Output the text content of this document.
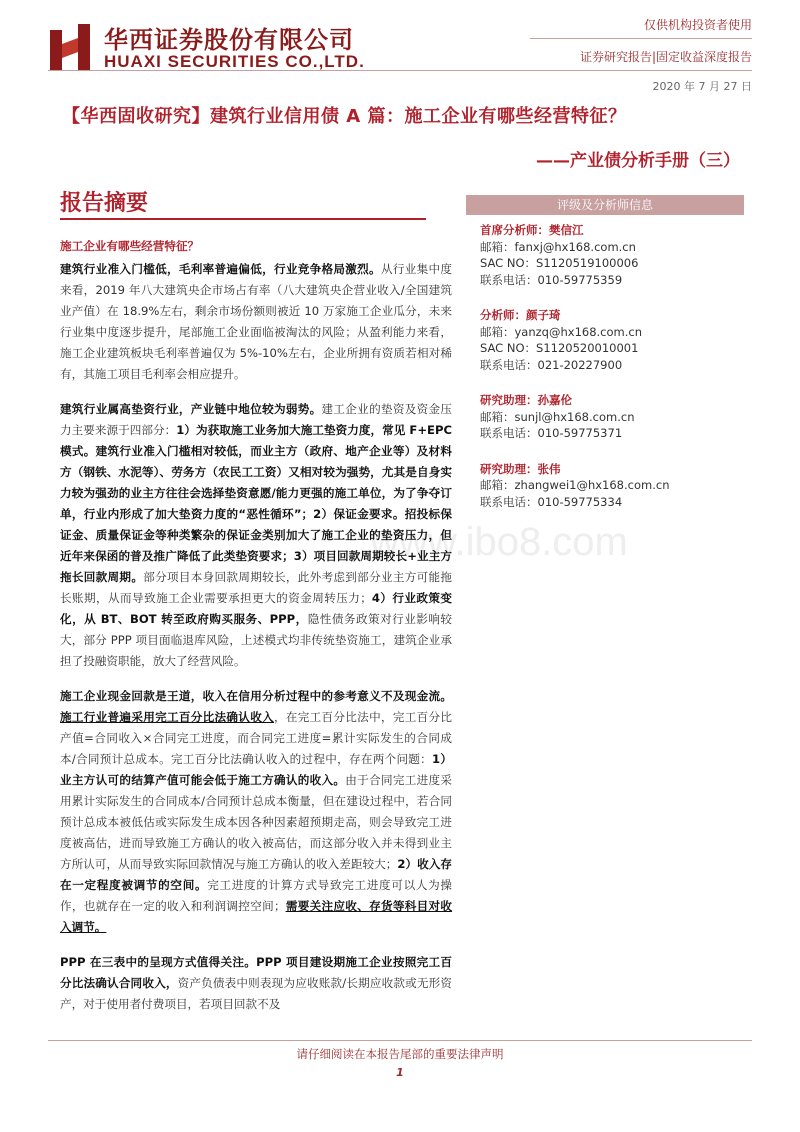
华西证券股份有限公司
HUAXI SECURITIES CO.,LTD.
仅供机构投资者使用
证券研究报告|固定收益深度报告
2020 年 7 月 27 日
【华西固收研究】建筑行业信用债 A 篇：施工企业有哪些经营特征？
——产业债分析手册（三）
报告摘要
www.ibo8.com
施工企业有哪些经营特征？

建筑行业准入门槛低，毛利率普遍偏低，行业竞争格局激烈。从行业集中度来看，2019 年八大建筑央企市场占有率（八大建筑央企营业收入/全国建筑业产值）在 18.9%左右，剩余市场份额则被近 10 万家施工企业瓜分，未来行业集中度逐步提升，尾部施工企业面临被淘汰的风险；从盈利能力来看，施工企业建筑板块毛利率普遍仅为 5%-10%左右，企业所拥有资质若相对稀有，其施工项目毛利率会相应提升。

建筑行业属高垫资行业，产业链中地位较为弱势。建工企业的垫资及资金压力主要来源于四部分：1）为获取施工业务加大施工垫资力度，常见 F+EPC 模式。建筑行业准入门槛相对较低，而业主方（政府、地产企业等）及材料方（钢铁、水泥等）、劳务方（农民工工资）又相对较为强势，尤其是自身实力较为强劲的业主方往往会选择垫资意愿/能力更强的施工单位，为了争夺订单，行业内形成了加大垫资力度的“恶性循环”；2）保证金要求。招投标保证金、质量保证金等种类繁杂的保证金类别加大了施工企业的垫资压力，但近年来保函的普及推广降低了此类垫资要求；3）项目回款周期较长+业主方拖长回款周期。部分项目本身回款周期较长，此外考虑到部分业主方可能拖长账期，从而导致施工企业需要承担更大的资金周转压力；4）行业政策变化，从 BT、BOT 转至政府购买服务、PPP，隐性债务政策对行业影响较大，部分 PPP 项目面临退库风险，上述模式均非传统垫资施工，建筑企业承担了投融资职能，放大了经营风险。

施工企业现金回款是王道，收入在信用分析过程中的参考意义不及现金流。施工行业普遍采用完工百分比法确认收入，在完工百分比法中，完工百分比产值=合同收入×合同完工进度，而合同完工进度=累计实际发生的合同成本/合同预计总成本。完工百分比法确认收入的过程中，存在两个问题：1）业主方认可的结算产值可能会低于施工方确认的收入。由于合同完工进度采用累计实际发生的合同成本/合同预计总成本衡量，但在建设过程中，若合同预计总成本被低估或实际发生成本因各种因素超预期走高，则会导致完工进度被高估，进而导致施工方确认的收入被高估，而这部分收入并未得到业主方所认可，从而导致实际回款情况与施工方确认的收入差距较大；2）收入存在一定程度被调节的空间。完工进度的计算方式导致完工进度可以人为操作，也就存在一定的收入和利润调控空间；需要关注应收、存货等科目对收入调节。

PPP 在三表中的呈现方式值得关注。PPP 项目建设期施工企业按照完工百分比法确认合同收入，资产负债表中则表现为应收账款/长期应收款或无形资产，对于使用者付费项目，若项目回款不及

评级及分析师信息
首席分析师：樊信江
邮箱：fanxj@hx168.com.cn
SAC NO：S1120519100006
联系电话：010-59775359
分析师：颜子琦
邮箱：yanzq@hx168.com.cn
SAC NO：S1120520010001
联系电话：021-20227900
研究助理：孙嘉伦
邮箱：sunjl@hx168.com.cn
联系电话：010-59775371
研究助理：张伟
邮箱：zhangwei1@hx168.com.cn
联系电话：010-59775334
请仔细阅读在本报告尾部的重要法律声明
1
